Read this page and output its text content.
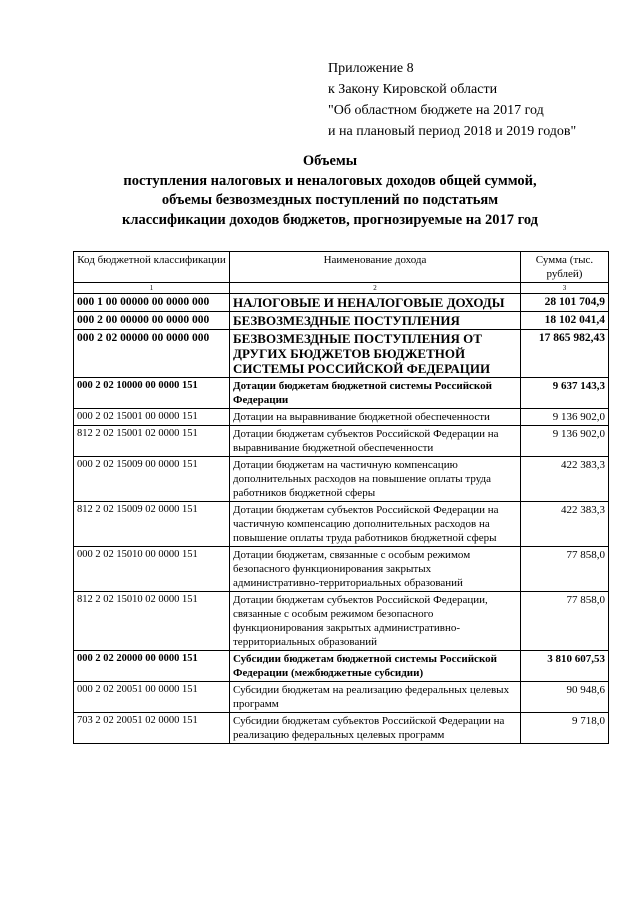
Приложение 8
к Закону Кировской области
"Об областном бюджете на 2017 год
и на плановый период 2018 и 2019 годов"
Объемы
поступления налоговых и неналоговых доходов общей суммой,
объемы безвозмездных поступлений по подстатьям
классификации доходов бюджетов, прогнозируемые на 2017 год
Код бюджетной классификации	Наименование дохода	Сумма (тыс. рублей)
1	2	3
000 1 00 00000 00 0000 000	НАЛОГОВЫЕ И НЕНАЛОГОВЫЕ ДОХОДЫ	28 101 704,9
000 2 00 00000 00 0000 000	БЕЗВОЗМЕЗДНЫЕ ПОСТУПЛЕНИЯ	18 102 041,4
000 2 02 00000 00 0000 000	БЕЗВОЗМЕЗДНЫЕ ПОСТУПЛЕНИЯ ОТ ДРУГИХ БЮДЖЕТОВ БЮДЖЕТНОЙ СИСТЕМЫ РОССИЙСКОЙ ФЕДЕРАЦИИ	17 865 982,43
000 2 02 10000 00 0000 151	Дотации бюджетам бюджетной системы Российской Федерации	9 637 143,3
000 2 02 15001 00 0000 151	Дотации на выравнивание бюджетной обеспеченности	9 136 902,0
812 2 02 15001 02 0000 151	Дотации бюджетам субъектов Российской Федерации на выравнивание бюджетной обеспеченности	9 136 902,0
000 2 02 15009 00 0000 151	Дотации бюджетам на частичную компенсацию дополнительных расходов на повышение оплаты труда работников бюджетной сферы	422 383,3
812 2 02 15009 02 0000 151	Дотации бюджетам субъектов Российской Федерации на частичную компенсацию дополнительных расходов на повышение оплаты труда работников бюджетной сферы	422 383,3
000 2 02 15010 00 0000 151	Дотации бюджетам, связанные с особым режимом безопасного функционирования закрытых административно-территориальных образований	77 858,0
812 2 02 15010 02 0000 151	Дотации бюджетам субъектов Российской Федерации, связанные с особым режимом безопасного функционирования закрытых административно-территориальных образований	77 858,0
000 2 02 20000 00 0000 151	Субсидии бюджетам бюджетной системы Российской Федерации (межбюджетные субсидии)	3 810 607,53
000 2 02 20051 00 0000 151	Субсидии бюджетам на реализацию федеральных целевых программ	90 948,6
703 2 02 20051 02 0000 151	Субсидии бюджетам субъектов Российской Федерации на реализацию федеральных целевых программ	9 718,0
